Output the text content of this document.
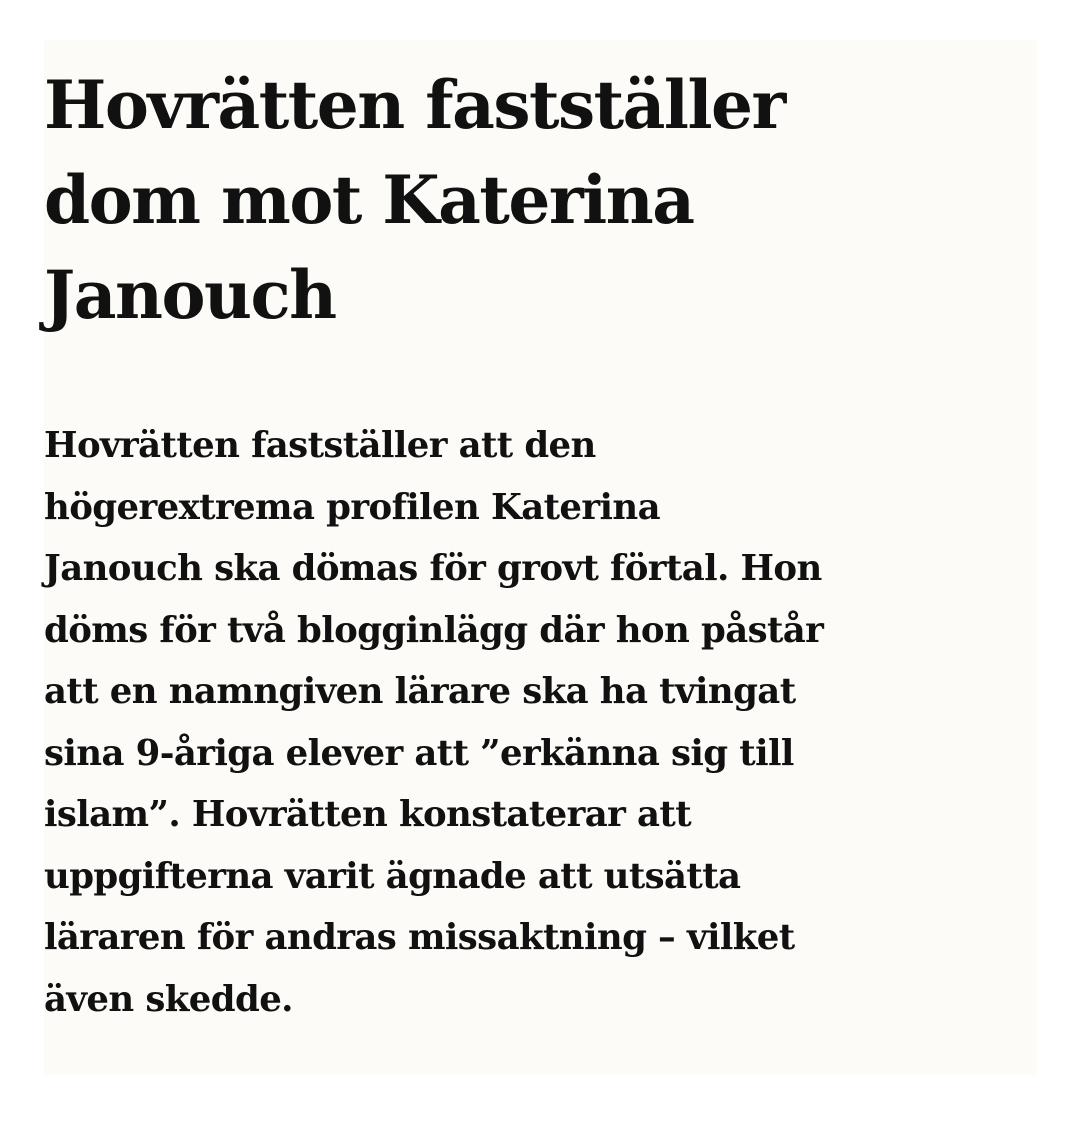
Hovrätten fastställer
dom mot Katerina
Janouch

Hovrätten fastställer att den
högerextrema profilen Katerina
Janouch ska dömas för grovt förtal. Hon
döms för två blogginlägg där hon påstår
att en namngiven lärare ska ha tvingat
sina 9-åriga elever att ”erkänna sig till
islam”. Hovrätten konstaterar att
uppgifterna varit ägnade att utsätta
läraren för andras missaktning – vilket
även skedde.
